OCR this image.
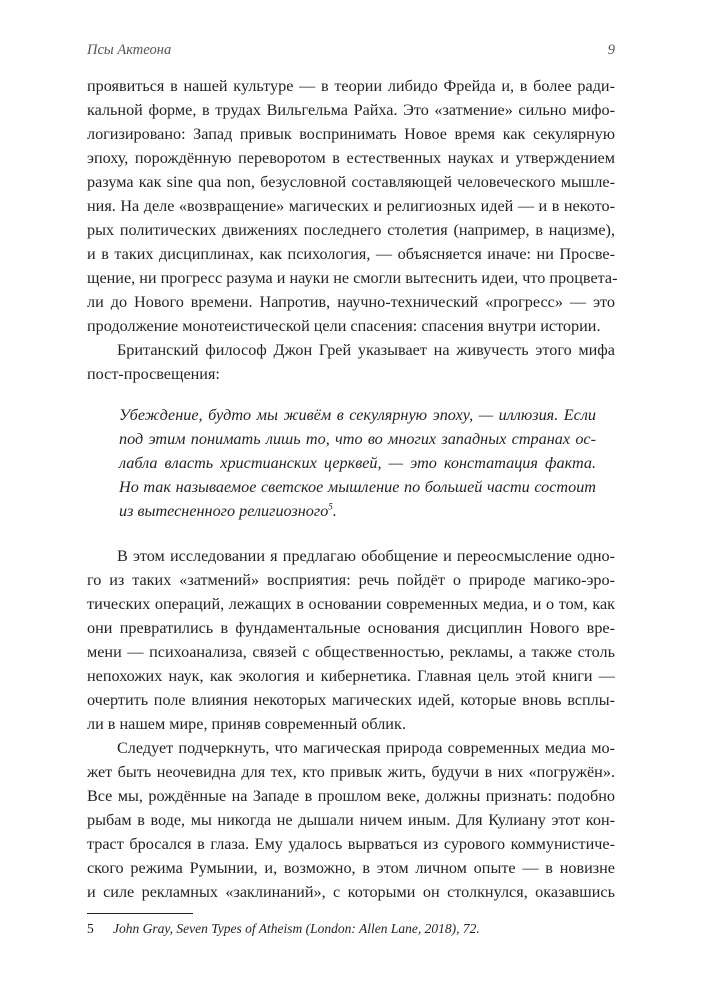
Псы Актеона	9
проявиться в нашей культуре — в теории либидо Фрейда и, в более ради-
кальной форме, в трудах Вильгельма Райха. Это «затмение» сильно мифо-
логизировано: Запад привык воспринимать Новое время как секулярную
эпоху, порождённую переворотом в естественных науках и утверждением
разума как sine qua non, безусловной составляющей человеческого мышле-
ния. На деле «возвращение» магических и религиозных идей — и в некото-
рых политических движениях последнего столетия (например, в нацизме),
и в таких дисциплинах, как психология, — объясняется иначе: ни Просве-
щение, ни прогресс разума и науки не смогли вытеснить идеи, что процвета-
ли до Нового времени. Напротив, научно-технический «прогресс» — это
продолжение монотеистической цели спасения: спасения внутри истории.
Британский философ Джон Грей указывает на живучесть этого мифа
пост-просвещения:
Убеждение, будто мы живём в секулярную эпоху, — иллюзия. Если
под этим понимать лишь то, что во многих западных странах ос-
лабла власть христианских церквей, — это констатация факта.
Но так называемое светское мышление по большей части состоит
из вытесненного религиозного$^5$.
В этом исследовании я предлагаю обобщение и переосмысление одно-
го из таких «затмений» восприятия: речь пойдёт о природе магико-эро-
тических операций, лежащих в основании современных медиа, и о том, как
они превратились в фундаментальные основания дисциплин Нового вре-
мени — психоанализа, связей с общественностью, рекламы, а также столь
непохожих наук, как экология и кибернетика. Главная цель этой книги —
очертить поле влияния некоторых магических идей, которые вновь всплы-
ли в нашем мире, приняв современный облик.
Следует подчеркнуть, что магическая природа современных медиа мо-
жет быть неочевидна для тех, кто привык жить, будучи в них «погружён».
Все мы, рождённые на Западе в прошлом веке, должны признать: подобно
рыбам в воде, мы никогда не дышали ничем иным. Для Кулиану этот кон-
траст бросался в глаза. Ему удалось вырваться из сурового коммунистиче-
ского режима Румынии, и, возможно, в этом личном опыте — в новизне
и силе рекламных «заклинаний», с которыми он столкнулся, оказавшись
5 John Gray, Seven Types of Atheism (London: Allen Lane, 2018), 72.
